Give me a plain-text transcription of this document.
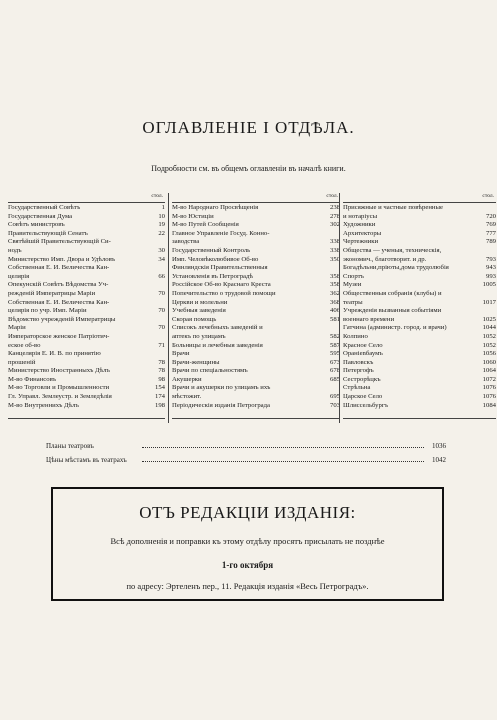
ОГЛАВЛЕНІЕ I ОТДѢЛА.
Подробности см. въ общемъ оглавленіи въ началѣ книги.
стол.
Государственный Совѣтъ	1
Государственная Дума	10
Совѣтъ министровъ	19
Правительствующій Сенатъ	22
Святѣйшій Правительствующій Си-
нодъ	30
Министерство Имп. Двора и Удѣловъ	34
Собственная Е. И. Величества Кан-
целярія	66
Опекунскій Совѣтъ Вѣдомства Уч-
режденій Императрицы Маріи	70
Собственная Е. И. Величества Кан-
целярія по учр. Имп. Маріи	70
Вѣдомство учрежденій Императрицы
Маріи	70
Императорское женское Патріотич-
еское об-во	71
Канцелярія Е. И. В. по принятію
прошеній	78
Министерство Иностранныхъ Дѣлъ	78
М-во Финансовъ	98
М-во Торговли и Промышленности	154
Гл. Управл. Землеустр. и Земледѣлія	174
М-во Внутреннихъ Дѣлъ	198
стол.
М-во Народнаго Просвѣщенія	238
М-во Юстиціи	278
М-во Путей Сообщенія	302
Главное Управленіе Госуд. Конно-
заводства	338
Государственный Контроль	338
Имп. Человѣколюбивое Об-во	350
Финляндскія Правительственныя
Установленія въ Петроградѣ	358
Россійское Об-во Краснаго Креста	358
Попечительство о трудовой помощи	362
Церкви и молельни	368
Учебныя заведенія	406
Скорая помощь	581
Списокъ лечебныхъ заведеній и
аптекъ по улицамъ	582
Больницы и лечебныя заведенія	587
Врачи	595
Врачи-женщины	673
Врачи по спеціальностямъ	678
Акушерки	685
Врачи и акушерки по улицамъ ихъ
мѣстожит.	695
Періодическія изданія Петрограда	703
стол.
Присяжные и частные повѣренные
и нотаріусы	720
Художники	769
Архитекторы	777
Чертежники	789
Общества — ученыя, техническія,
экономич., благотворит. и др.	793
Богадѣльни,пріюты,дома трудолюбія	943
Спортъ	993
Музеи	1005
Общественныя собранія (клубы) и
театры	1017
Учрежденія вызванныя событіями
военнаго времени	1025
Гатчина (администр. город. и врачи)	1044
Колпино	1052
Красное Село	1052
Оранienбаумъ	1056
Павловскъ	1060
Петергофъ	1064
Сестрорѣцкъ	1072
Стрѣльна	1076
Царское Село	1076
Шлиссельбургъ	1084
Планы театровъ	1036
Цѣны мѣстамъ въ театрахъ	1042
ОТЪ РЕДАКЦІИ ИЗДАНІЯ:
Всѣ дополненія и поправки къ этому отдѣлу просятъ присылать не позднѣе
1-го октября
по адресу: Эртеленъ пер., 11. Редакція изданія «Весь Петроградъ».
